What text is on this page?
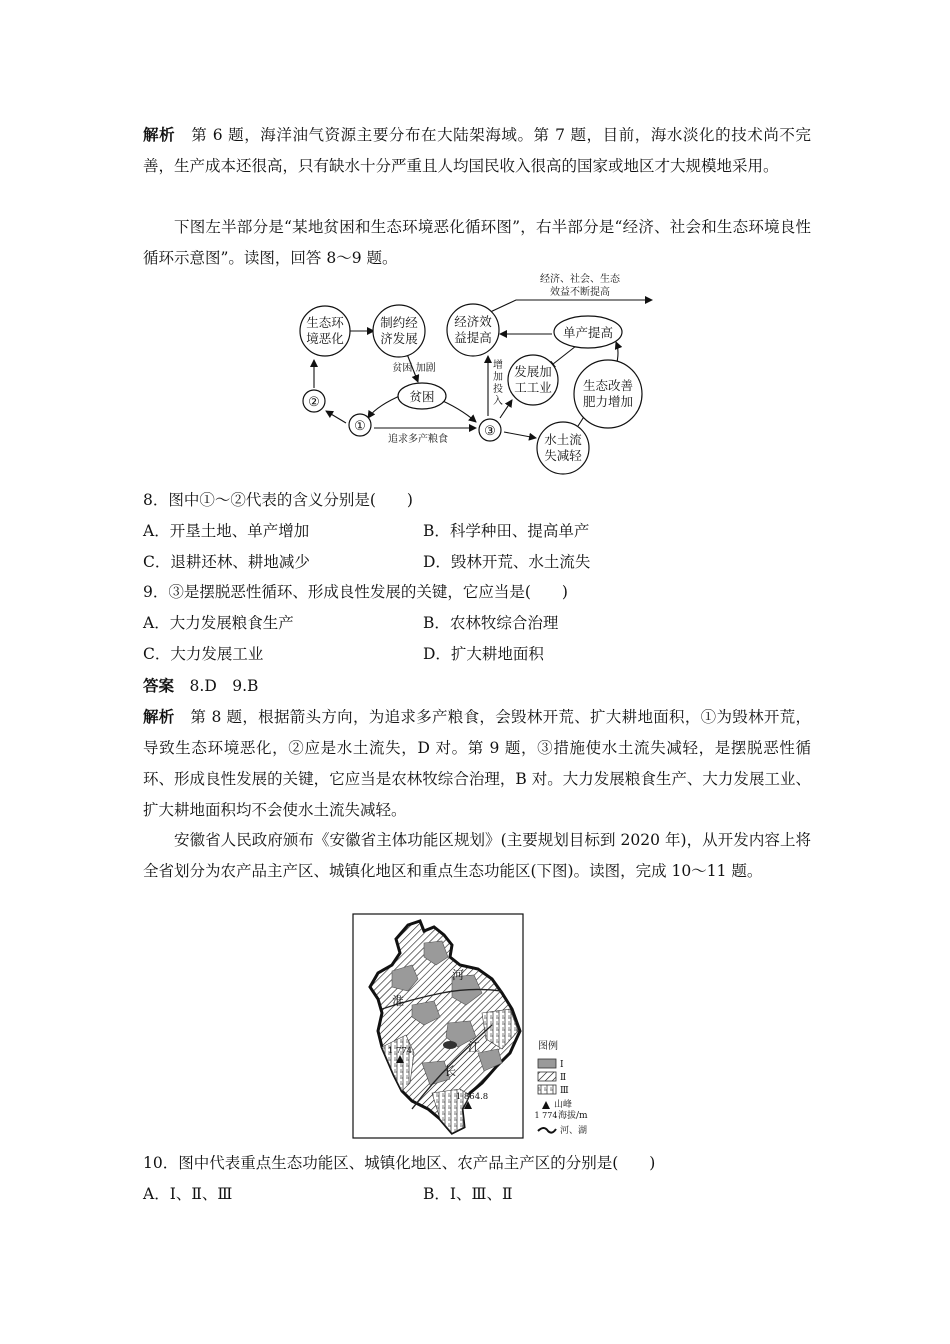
解析　 第 6 题，海洋油气资源主要分布在大陆架海域。第 7 题，目前，海水淡化的技术尚不完善，生产成本还很高，只有缺水十分严重且人均国民收入很高的国家或地区才大规模地采用。

下图左半部分是“某地贫困和生态环境恶化循环图”，右半部分是“经济、社会和生态环境良性循环示意图”。读图，回答 8～9 题。

生态环
境恶化
制约经
济发展
贫困
②
①	③
经济效
益提高	单产提高
发展加
工工业 生态改善
肥力增加
水土流
失减轻
贫困 加剧
追求多产粮食
经济、社会、生态
效益不断提高
增
加
投
入
8．图中①～②代表的含义分别是(　　)
A．开垦土地、单产增加	B．科学种田、提高单产
C．退耕还林、耕地减少	D．毁林开荒、水土流失
9．③是摆脱恶性循环、形成良性发展的关键，它应当是(　　)
A．大力发展粮食生产	B．农林牧综合治理
C．大力发展工业	D．扩大耕地面积
答案　 8.D　9.B

解析　 第 8 题，根据箭头方向，为追求多产粮食，会毁林开荒、扩大耕地面积，①为毁林开荒，导致生态环境恶化，②应是水土流失，D 对。第 9 题，③措施使水土流失减轻，是摆脱恶性循环、形成良性发展的关键，它应当是农林牧综合治理，B 对。大力发展粮食生产、大力发展工业、扩大耕地面积均不会使水土流失减轻。

安徽省人民政府颁布《安徽省主体功能区规划》(主要规划目标到 2020 年)，从开发内容上将全省划分为农产品主产区、城镇化地区和重点生态功能区(下图)。读图，完成 10～11 题。

河
淮
江
长
1 774
1 864.8
图例
Ⅰ
Ⅱ
Ⅲ
山峰
1 774 海拔/m
河、湖
10．图中代表重点生态功能区、城镇化地区、农产品主产区的分别是(　　)
A．Ⅰ、Ⅱ、Ⅲ	B．Ⅰ、Ⅲ、Ⅱ
